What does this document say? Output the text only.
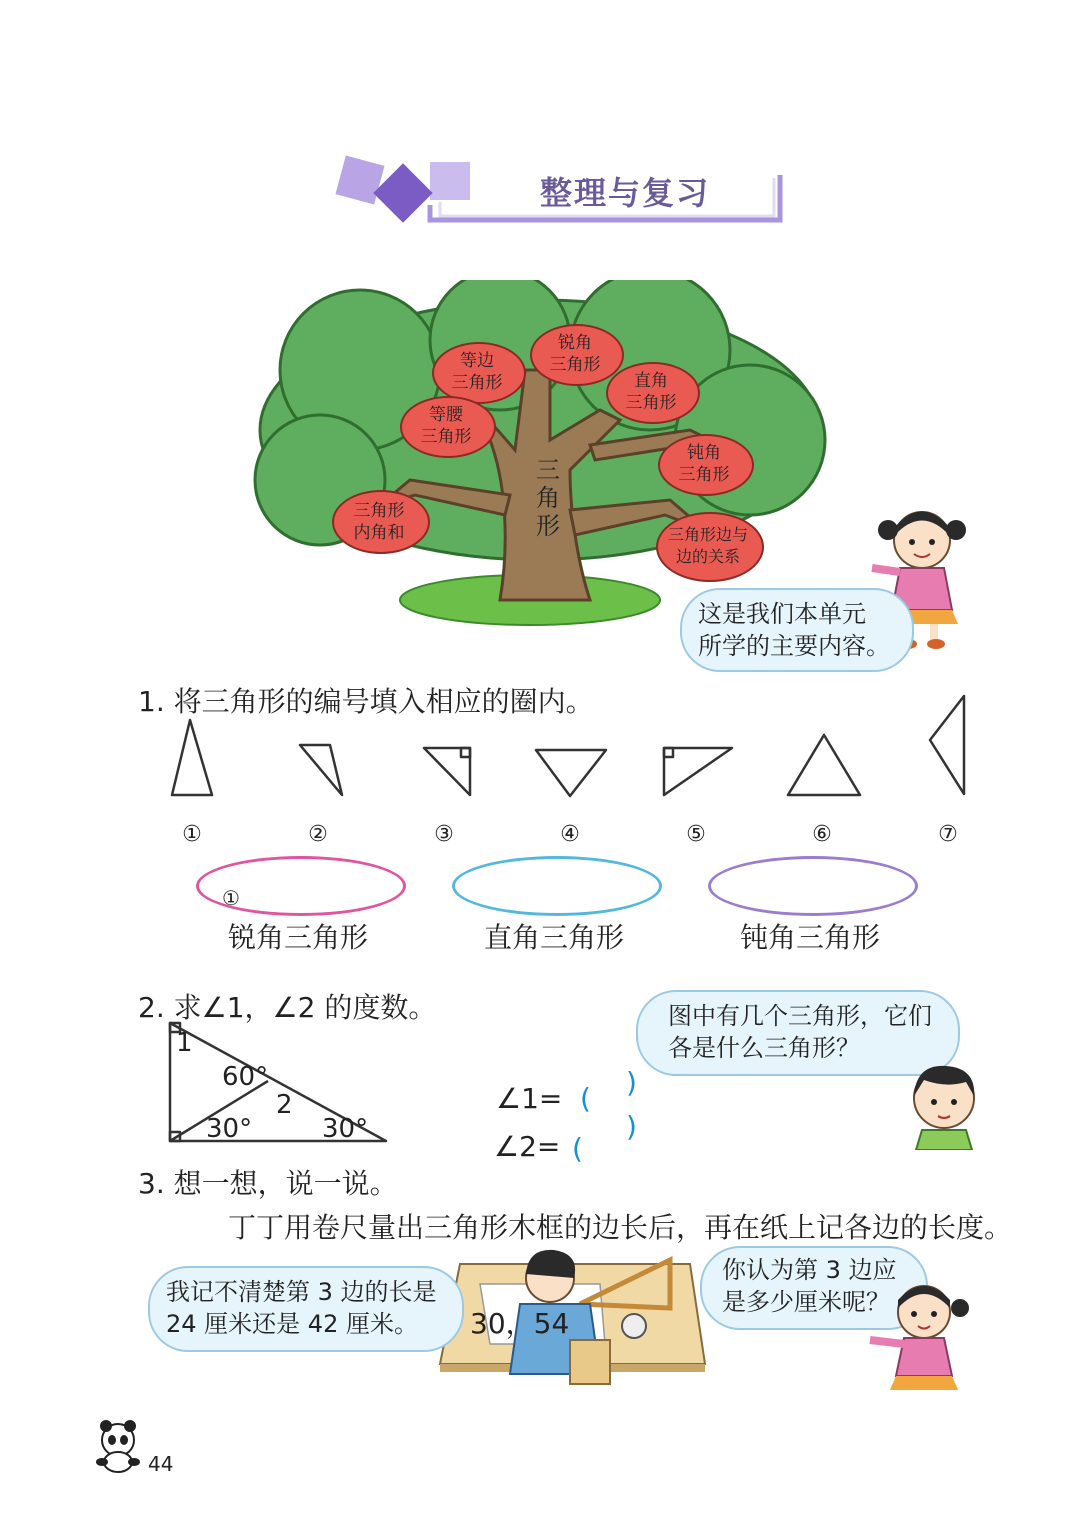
整理与复习
三
角
形
等边
三角形
锐角
三角形
直角
三角形
等腰
三角形
钝角
三角形
三角形
内角和	三角形边与
边的关系
这是我们本单元
所学的主要内容。
1. 将三角形的编号填入相应的圈内。
①	②	③	④	⑤	⑥	⑦
①
锐角三角形	直角三角形	钝角三角形
2. 求∠1，∠2 的度数。
1
60°
2
30°	30°
∠1= ( )
∠2= (
)
图中有几个三角形，它们
各是什么三角形？
3. 想一想，说一说。
丁丁用卷尺量出三角形木框的边长后，再在纸上记各边的长度。
30，54
我记不清楚第 3 边的长是
24 厘米还是 42 厘米。
你认为第 3 边应
是多少厘米呢？
44
